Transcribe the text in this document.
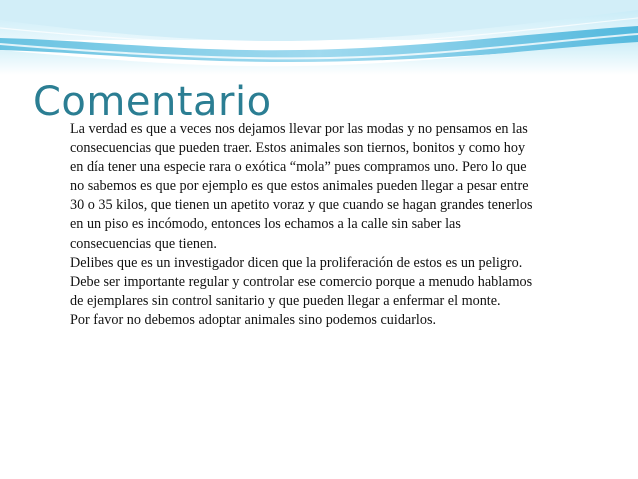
Comentario

La verdad es que a veces nos dejamos llevar por las modas y no pensamos en las consecuencias que pueden traer. Estos animales son tiernos, bonitos y como hoy en día tener una especie rara o exótica “mola” pues compramos uno. Pero lo que no sabemos es que por ejemplo es que estos animales pueden llegar a pesar entre 30 o 35 kilos, que tienen un apetito voraz y que cuando se hagan grandes tenerlos en un piso es incómodo, entonces los echamos a la calle sin saber las consecuencias que tienen.

Delibes que es un investigador dicen que la proliferación de estos es un peligro. Debe ser importante regular y controlar ese comercio porque a menudo hablamos de ejemplares sin control sanitario y que pueden llegar a enfermar el monte.

Por favor no debemos adoptar animales sino podemos cuidarlos.
